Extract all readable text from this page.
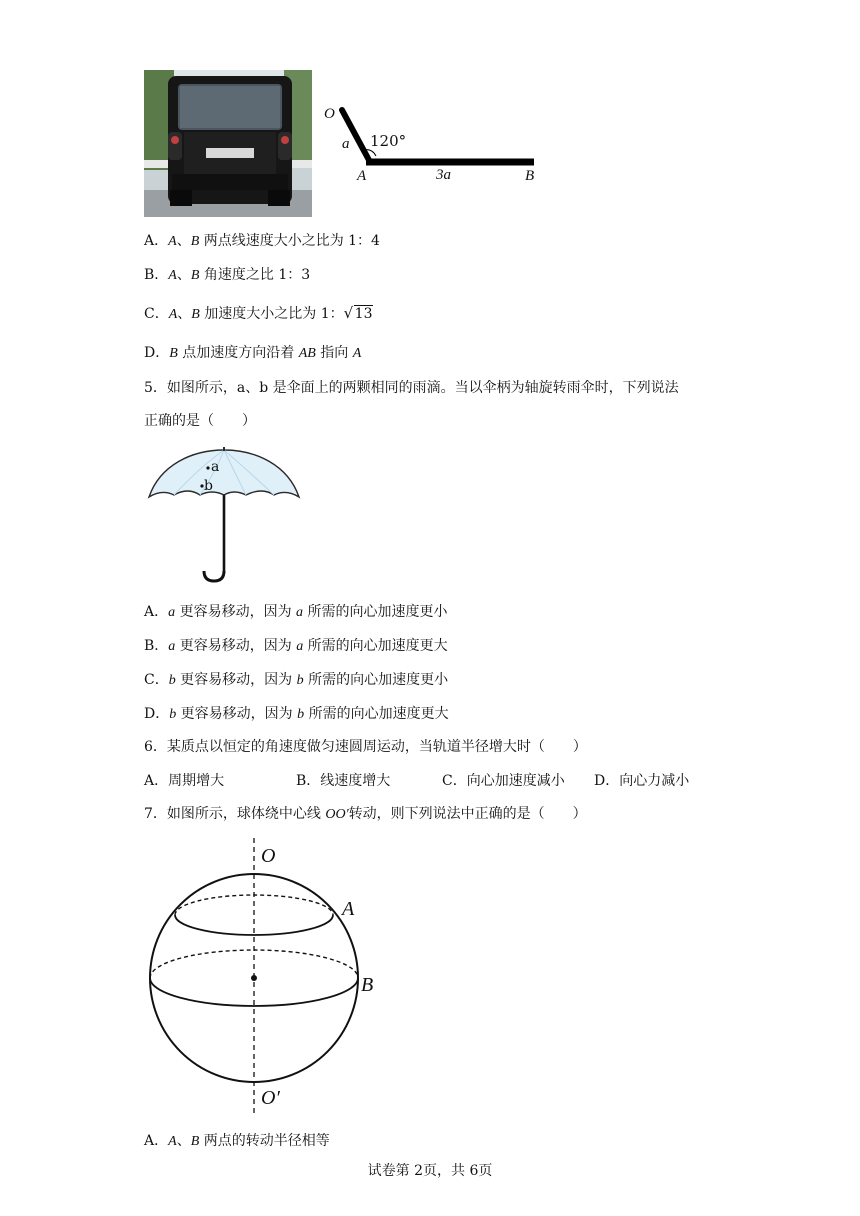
O
a 120°
A	3a	B
A．A、B 两点线速度大小之比为 1：4
B．A、B 角速度之比 1：3
C．A、B 加速度大小之比为 1： √ 13
D．B 点加速度方向沿着 AB 指向 A
5．如图所示，a、b 是伞面上的两颗相同的雨滴。当以伞柄为轴旋转雨伞时，下列说法
正确的是（　　）
a
b
A．a 更容易移动，因为 a 所需的向心加速度更小
B．a 更容易移动，因为 a 所需的向心加速度更大
C．b 更容易移动，因为 b 所需的向心加速度更小
D．b 更容易移动，因为 b 所需的向心加速度更大
6．某质点以恒定的角速度做匀速圆周运动，当轨道半径增大时（　　）
A．周期增大	B．线速度增大	C．向心加速度减小 D．向心力减小
7．如图所示，球体绕中心线 OO′转动，则下列说法中正确的是（　　）
O
A
B
O′
A．A、B 两点的转动半径相等
试卷第 2页，共 6页
